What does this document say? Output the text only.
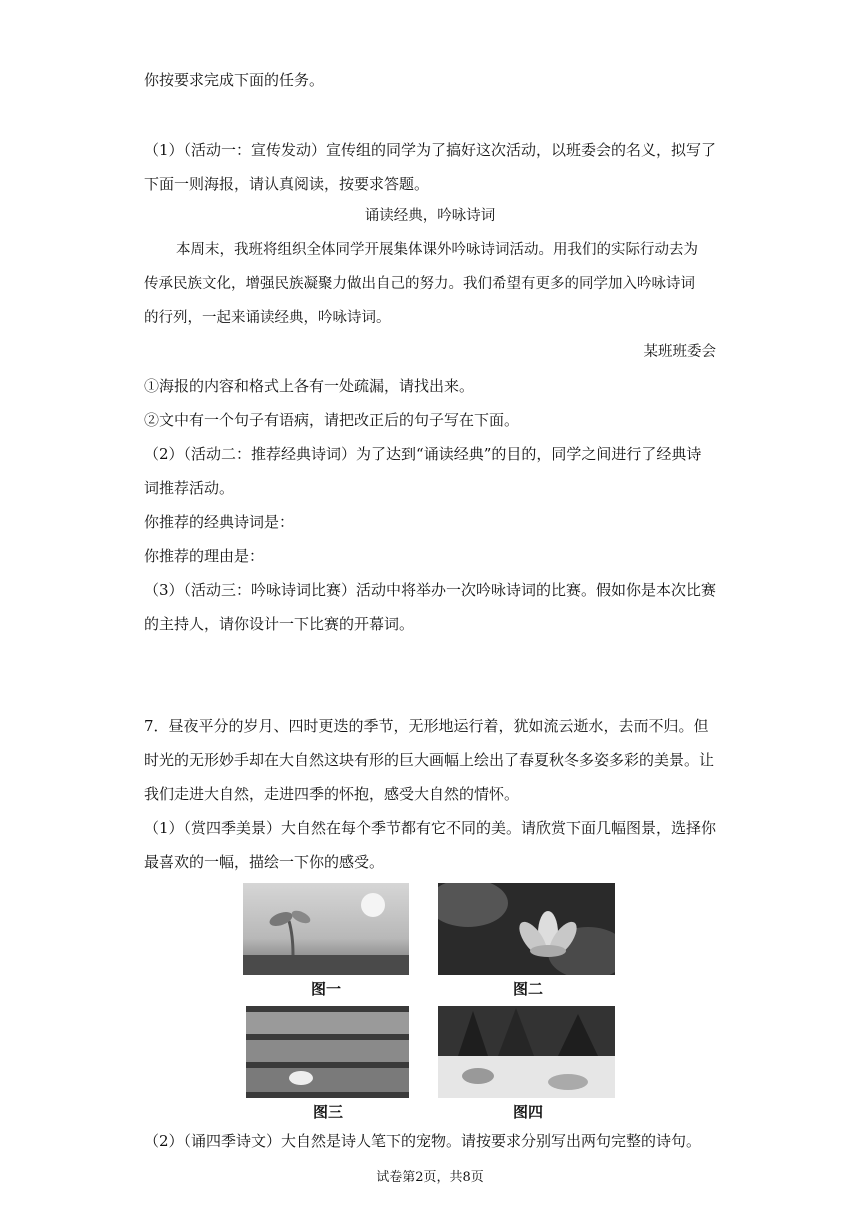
你按要求完成下面的任务。
（1）（活动一：宣传发动）宣传组的同学为了搞好这次活动，以班委会的名义，拟写了
下面一则海报，请认真阅读，按要求答题。
诵读经典，吟咏诗词
本周末，我班将组织全体同学开展集体课外吟咏诗词活动。用我们的实际行动去为
传承民族文化，增强民族凝聚力做出自己的努力。我们希望有更多的同学加入吟咏诗词
的行列，一起来诵读经典，吟咏诗词。
某班班委会
①海报的内容和格式上各有一处疏漏，请找出来。
②文中有一个句子有语病，请把改正后的句子写在下面。
（2）（活动二：推荐经典诗词）为了达到“诵读经典”的目的，同学之间进行了经典诗
词推荐活动。
你推荐的经典诗词是：
你推荐的理由是：
（3）（活动三：吟咏诗词比赛）活动中将举办一次吟咏诗词的比赛。假如你是本次比赛
的主持人，请你设计一下比赛的开幕词。
7．昼夜平分的岁月、四时更迭的季节，无形地运行着，犹如流云逝水，去而不归。但
时光的无形妙手却在大自然这块有形的巨大画幅上绘出了春夏秋冬多姿多彩的美景。让
我们走进大自然，走进四季的怀抱，感受大自然的情怀。
（1）（赏四季美景）大自然在每个季节都有它不同的美。请欣赏下面几幅图景，选择你
最喜欢的一幅，描绘一下你的感受。
图一	图二
图三	图四
（2）（诵四季诗文）大自然是诗人笔下的宠物。请按要求分别写出两句完整的诗句。
试卷第2页，共8页
